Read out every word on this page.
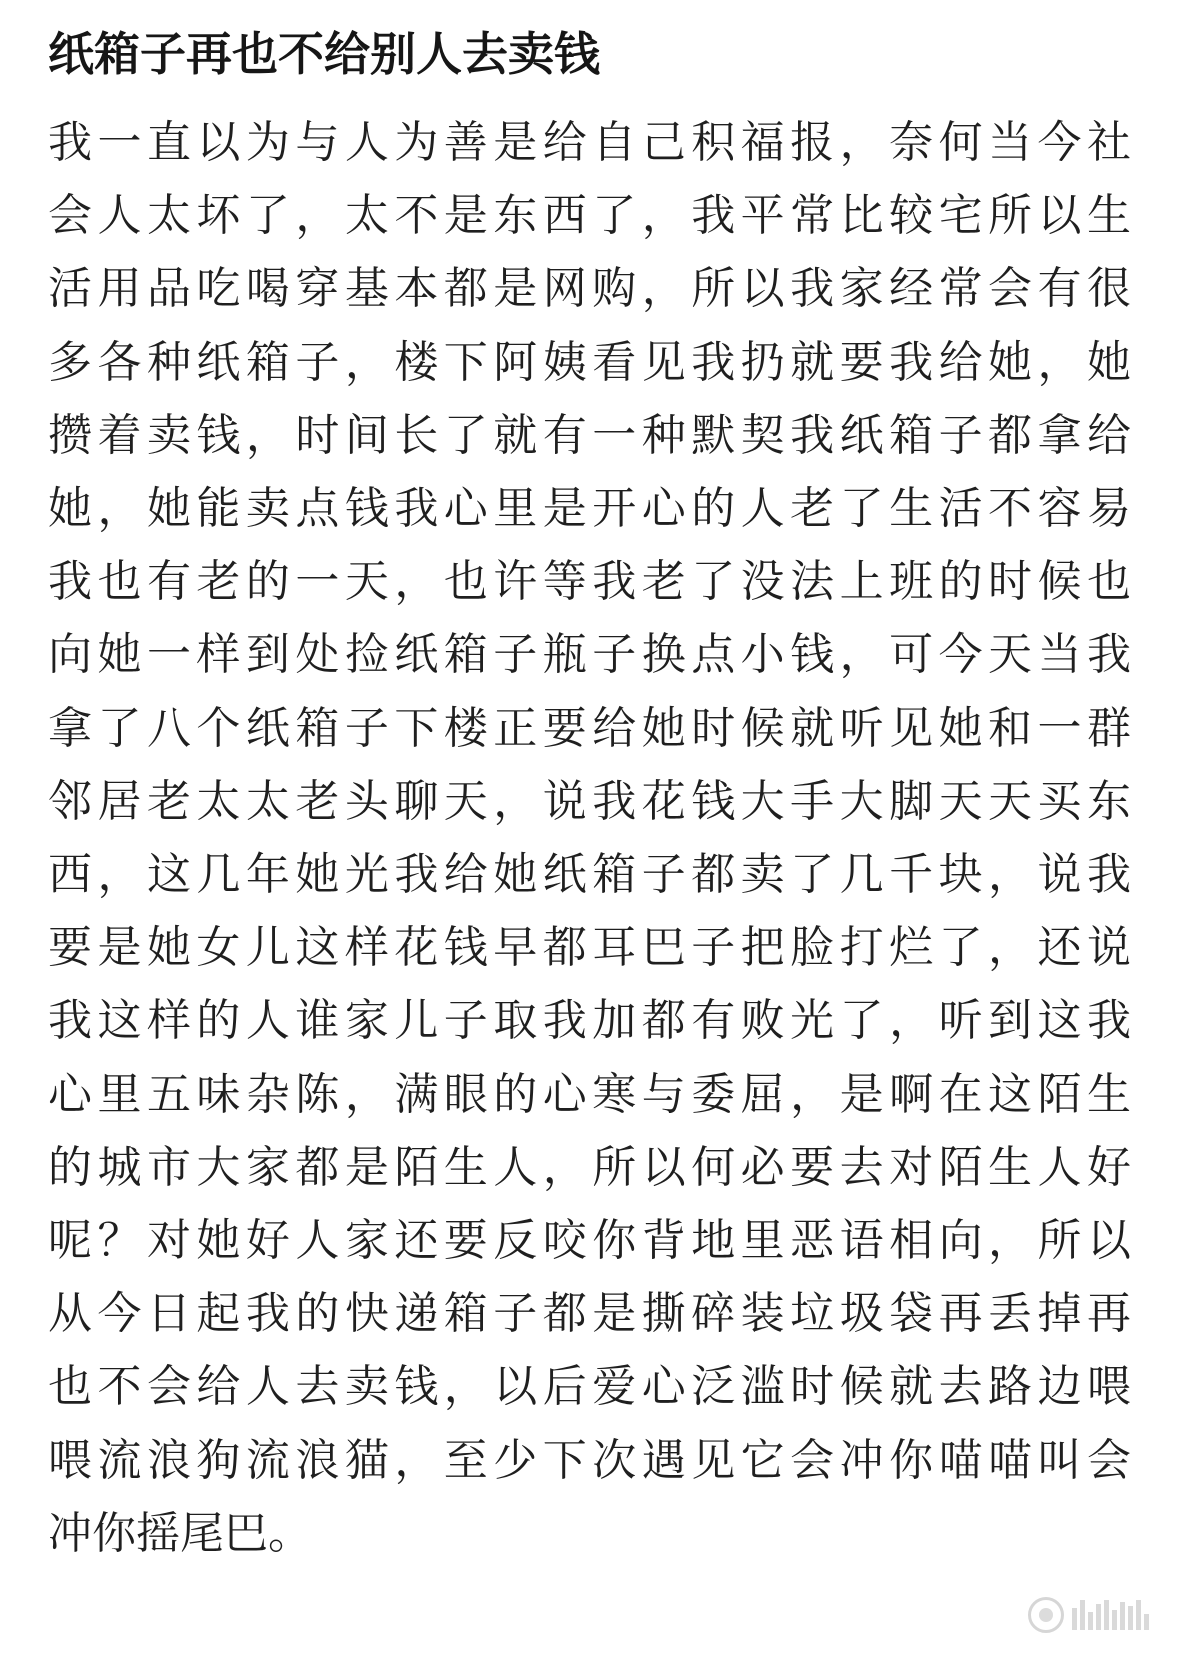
纸箱子再也不给别人去卖钱
我一直以为与人为善是给自己积福报，奈何当今社
会人太坏了，太不是东西了，我平常比较宅所以生
活用品吃喝穿基本都是网购，所以我家经常会有很
多各种纸箱子，楼下阿姨看见我扔就要我给她，她
攒着卖钱，时间长了就有一种默契我纸箱子都拿给
她，她能卖点钱我心里是开心的人老了生活不容易
我也有老的一天，也许等我老了没法上班的时候也
向她一样到处捡纸箱子瓶子换点小钱，可今天当我
拿了八个纸箱子下楼正要给她时候就听见她和一群
邻居老太太老头聊天，说我花钱大手大脚天天买东
西，这几年她光我给她纸箱子都卖了几千块，说我
要是她女儿这样花钱早都耳巴子把脸打烂了，还说
我这样的人谁家儿子取我加都有败光了，听到这我
心里五味杂陈，满眼的心寒与委屈，是啊在这陌生
的城市大家都是陌生人，所以何必要去对陌生人好
呢？对她好人家还要反咬你背地里恶语相向，所以
从今日起我的快递箱子都是撕碎装垃圾袋再丢掉再
也不会给人去卖钱，以后爱心泛滥时候就去路边喂
喂流浪狗流浪猫，至少下次遇见它会冲你喵喵叫会
冲你摇尾巴。
